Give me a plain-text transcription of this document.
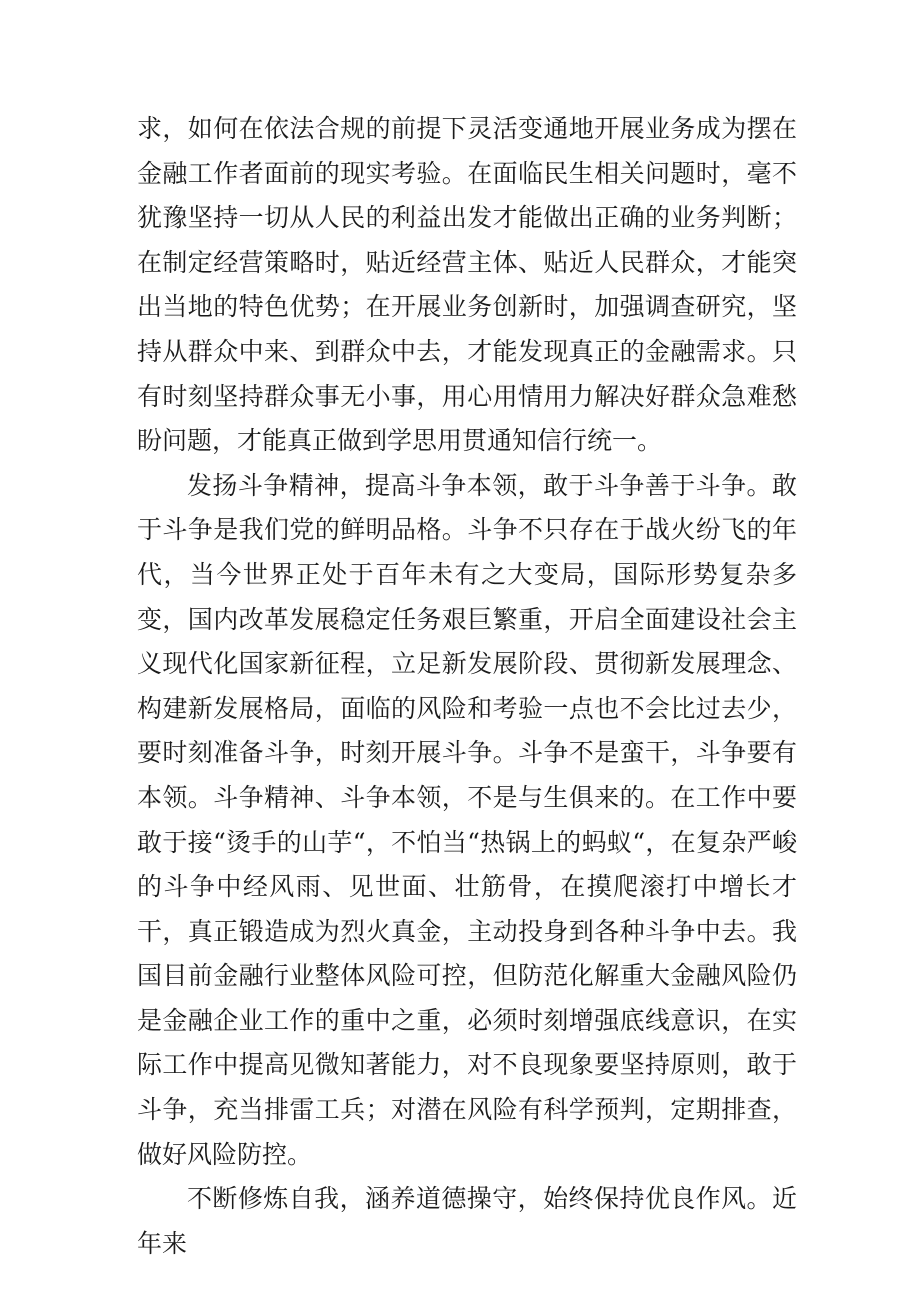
求，如何在依法合规的前提下灵活变通地开展业务成为摆在金融工作者面前的现实考验。在面临民生相关问题时，毫不犹豫坚持一切从人民的利益出发才能做出正确的业务判断；在制定经营策略时，贴近经营主体、贴近人民群众，才能突出当地的特色优势；在开展业务创新时，加强调查研究，坚持从群众中来、到群众中去，才能发现真正的金融需求。只有时刻坚持群众事无小事，用心用情用力解决好群众急难愁盼问题，才能真正做到学思用贯通知信行统一。

发扬斗争精神，提高斗争本领，敢于斗争善于斗争。敢于斗争是我们党的鲜明品格。斗争不只存在于战火纷飞的年代，当今世界正处于百年未有之大变局，国际形势复杂多变，国内改革发展稳定任务艰巨繁重，开启全面建设社会主义现代化国家新征程，立足新发展阶段、贯彻新发展理念、构建新发展格局，面临的风险和考验一点也不会比过去少，要时刻准备斗争，时刻开展斗争。斗争不是蛮干，斗争要有本领。斗争精神、斗争本领，不是与生俱来的。在工作中要敢于接“烫手的山芋“，不怕当“热锅上的蚂蚁“，在复杂严峻的斗争中经风雨、见世面、壮筋骨，在摸爬滚打中增长才干，真正锻造成为烈火真金，主动投身到各种斗争中去。我国目前金融行业整体风险可控，但防范化解重大金融风险仍是金融企业工作的重中之重，必须时刻增强底线意识，在实际工作中提高见微知著能力，对不良现象要坚持原则，敢于斗争，充当排雷工兵；对潜在风险有科学预判，定期排查，做好风险防控。

不断修炼自我，涵养道德操守，始终保持优良作风。近年来
